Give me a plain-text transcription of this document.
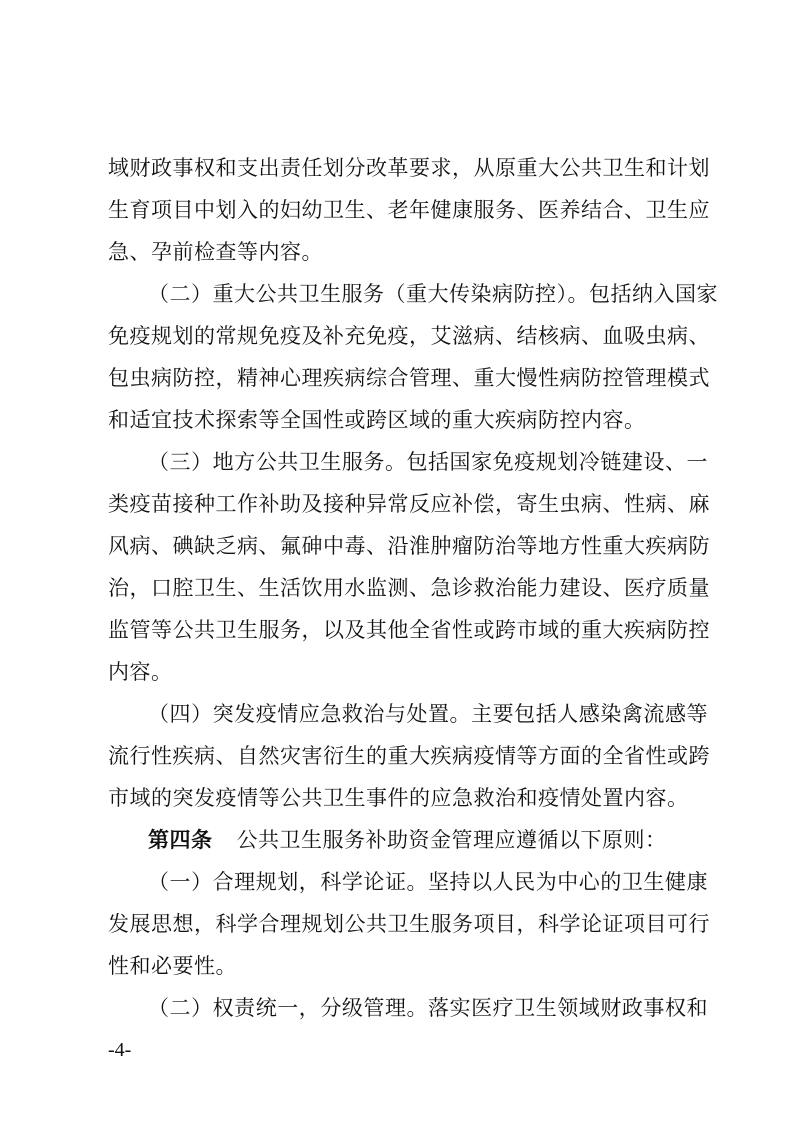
域财政事权和支出责任划分改革要求，从原重大公共卫生和计划
生育项目中划入的妇幼卫生、老年健康服务、医养结合、卫生应
急、孕前检查等内容。
（二）重大公共卫生服务（重大传染病防控）。包括纳入国家
免疫规划的常规免疫及补充免疫，艾滋病、结核病、血吸虫病、
包虫病防控，精神心理疾病综合管理、重大慢性病防控管理模式
和适宜技术探索等全国性或跨区域的重大疾病防控内容。
（三）地方公共卫生服务。包括国家免疫规划冷链建设、一
类疫苗接种工作补助及接种异常反应补偿，寄生虫病、性病、麻
风病、碘缺乏病、氟砷中毒、沿淮肿瘤防治等地方性重大疾病防
治，口腔卫生、生活饮用水监测、急诊救治能力建设、医疗质量
监管等公共卫生服务，以及其他全省性或跨市域的重大疾病防控
内容。
（四）突发疫情应急救治与处置。主要包括人感染禽流感等
流行性疾病、自然灾害衍生的重大疾病疫情等方面的全省性或跨
市域的突发疫情等公共卫生事件的应急救治和疫情处置内容。
第四条 公共卫生服务补助资金管理应遵循以下原则：
（一）合理规划，科学论证。坚持以人民为中心的卫生健康
发展思想，科学合理规划公共卫生服务项目，科学论证项目可行
性和必要性。
（二）权责统一，分级管理。落实医疗卫生领域财政事权和
-4-
